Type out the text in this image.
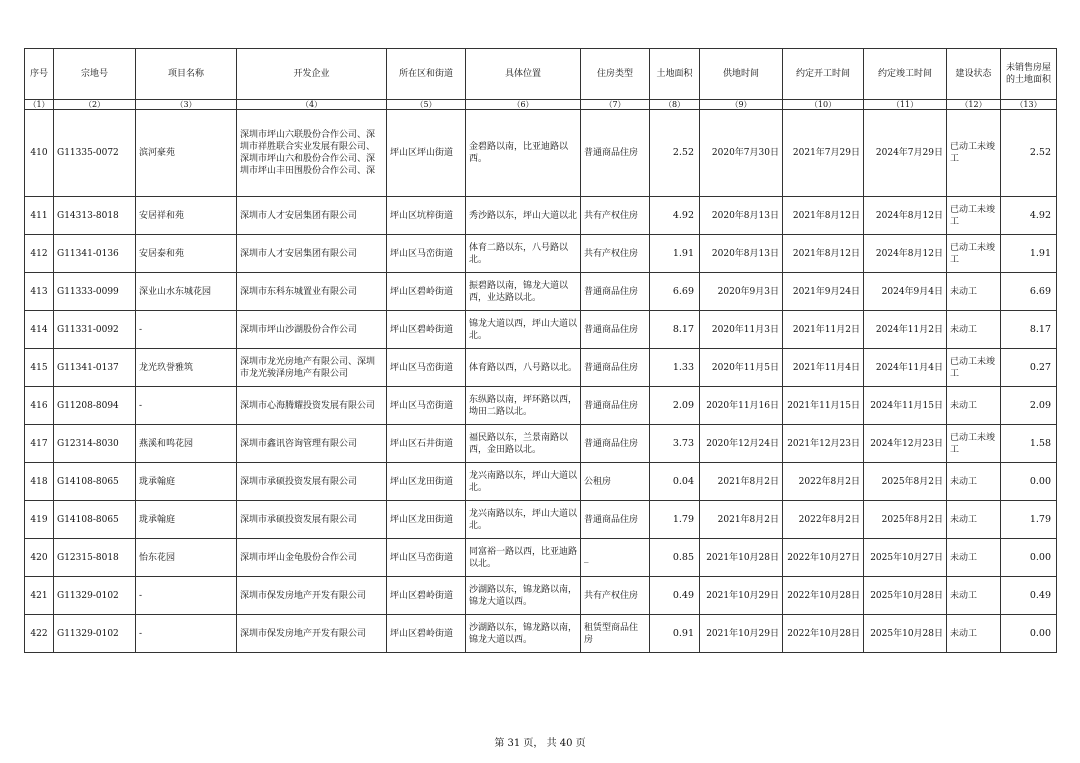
序号	宗地号	项目名称	开发企业	所在区和街道	具体位置	住房类型	土地面积	供地时间	约定开工时间	约定竣工时间	建设状态	未销售房屋的土地面积
（1）	（2）	（3）	（4）	（5）	（6）	（7）	（8）	（9）	（10）	（11）	（12）	（13）
410	G11335-0072	滨河豪苑	深圳市坪山六联股份合作公司、深圳市祥胜联合实业发展有限公司、深圳市坪山六和股份合作公司、深圳市坪山丰田围股份合作公司、深	坪山区坪山街道	金碧路以南，比亚迪路以西。	普通商品住房	2.52	2020年7月30日	2021年7月29日	2024年7月29日	已动工未竣工	2.52
411	G14313-8018	安居祥和苑	深圳市人才安居集团有限公司	坪山区坑梓街道	秀沙路以东，坪山大道以北	共有产权住房	4.92	2020年8月13日	2021年8月12日	2024年8月12日	已动工未竣工	4.92
412	G11341-0136	安居泰和苑	深圳市人才安居集团有限公司	坪山区马峦街道	体育二路以东，八号路以北。	共有产权住房	1.91	2020年8月13日	2021年8月12日	2024年8月12日	已动工未竣工	1.91
413	G11333-0099	深业山水东城花园	深圳市东科东城置业有限公司	坪山区碧岭街道	振碧路以南，锦龙大道以西，业达路以北。	普通商品住房	6.69	2020年9月3日	2021年9月24日	2024年9月4日	未动工	6.69
414	G11331-0092	-	深圳市坪山沙湖股份合作公司	坪山区碧岭街道	锦龙大道以西，坪山大道以北。	普通商品住房	8.17	2020年11月3日	2021年11月2日	2024年11月2日	未动工	8.17
415	G11341-0137	龙光玖誉雅筑	深圳市龙光房地产有限公司、深圳市龙光骏泽房地产有限公司	坪山区马峦街道	体育路以西，八号路以北。	普通商品住房	1.33	2020年11月5日	2021年11月4日	2024年11月4日	已动工未竣工	0.27
416	G11208-8094	-	深圳市心海腾耀投资发展有限公司	坪山区马峦街道	东纵路以南，坪环路以西，坳田二路以北。	普通商品住房	2.09	2020年11月16日	2021年11月15日	2024年11月15日	未动工	2.09
417	G12314-8030	燕溪和鸣花园	深圳市鑫讯咨询管理有限公司	坪山区石井街道	福民路以东，兰景南路以西，金田路以北。	普通商品住房	3.73	2020年12月24日	2021年12月23日	2024年12月23日	已动工未竣工	1.58
418	G14108-8065	珑承翰庭	深圳市承硕投资发展有限公司	坪山区龙田街道	龙兴南路以东，坪山大道以北。	公租房	0.04	2021年8月2日	2022年8月2日	2025年8月2日	未动工	0.00
419	G14108-8065	珑承翰庭	深圳市承硕投资发展有限公司	坪山区龙田街道	龙兴南路以东，坪山大道以北。	普通商品住房	1.79	2021年8月2日	2022年8月2日	2025年8月2日	未动工	1.79
420	G12315-8018	怡东花园	深圳市坪山金龟股份合作公司	坪山区马峦街道	同富裕一路以西，比亚迪路以北。	_	0.85	2021年10月28日	2022年10月27日	2025年10月27日	未动工	0.00
421	G11329-0102	-	深圳市保发房地产开发有限公司	坪山区碧岭街道	沙湖路以东，锦龙路以南，锦龙大道以西。	共有产权住房	0.49	2021年10月29日	2022年10月28日	2025年10月28日	未动工	0.49
422	G11329-0102	-	深圳市保发房地产开发有限公司	坪山区碧岭街道	沙湖路以东，锦龙路以南，锦龙大道以西。	租赁型商品住房	0.91	2021年10月29日	2022年10月28日	2025年10月28日	未动工	0.00
第 31 页， 共 40 页
